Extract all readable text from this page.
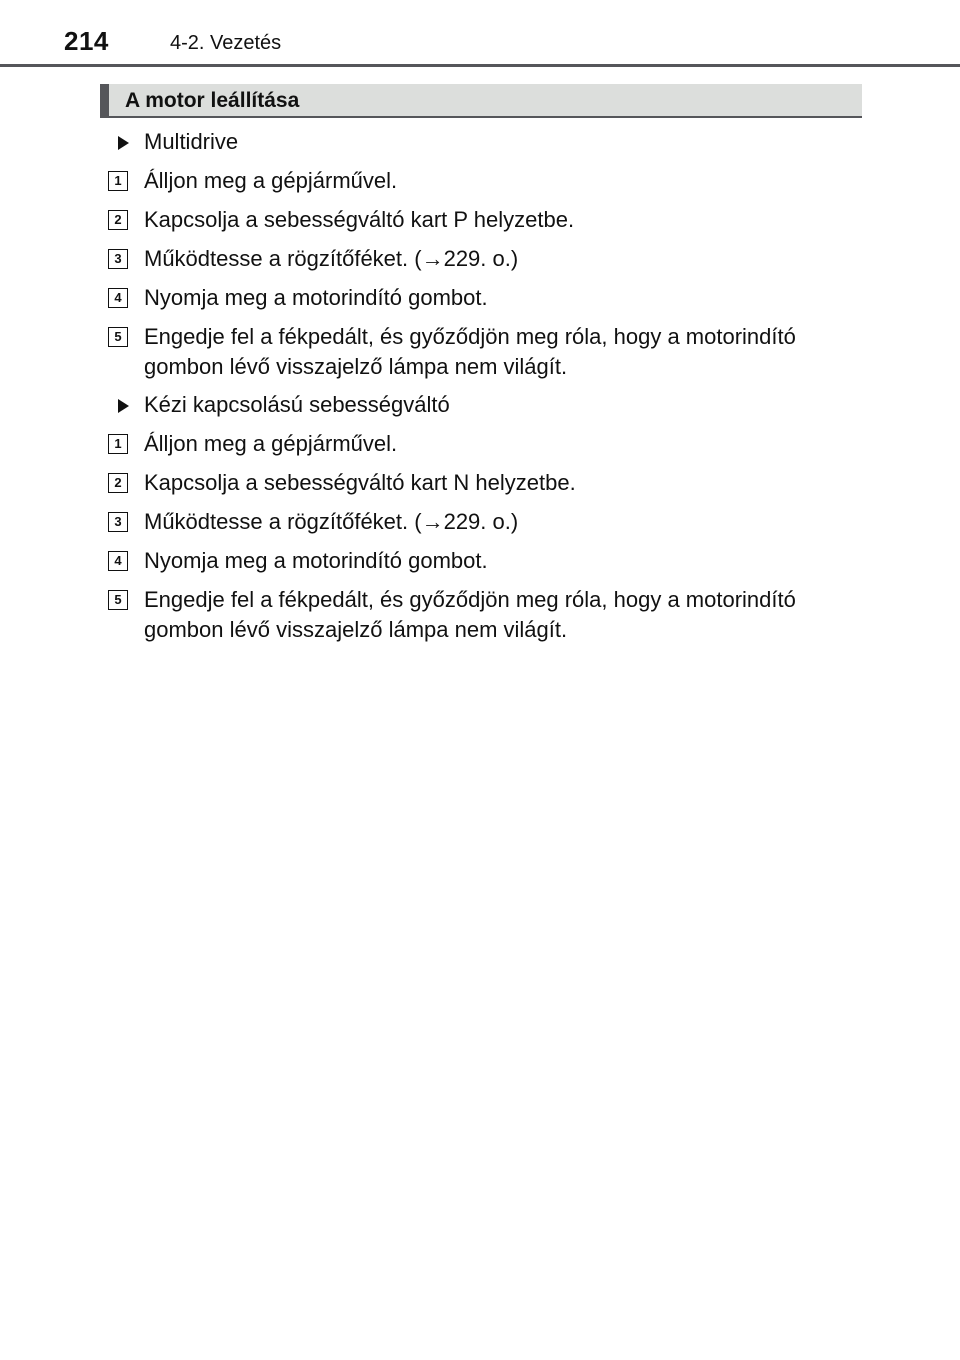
214	4-2. Vezetés
A motor leállítása
Multidrive
1 Álljon meg a gépjárművel.
2 Kapcsolja a sebességváltó kart P helyzetbe.
3 Működtesse a rögzítőféket. (→229. o.)
4 Nyomja meg a motorindító gombot.
5 Engedje fel a fékpedált, és győződjön meg róla, hogy a motorindító gombon lévő visszajelző lámpa nem világít.
Kézi kapcsolású sebességváltó
1 Álljon meg a gépjárművel.
2 Kapcsolja a sebességváltó kart N helyzetbe.
3 Működtesse a rögzítőféket. (→229. o.)
4 Nyomja meg a motorindító gombot.
5 Engedje fel a fékpedált, és győződjön meg róla, hogy a motorindító gombon lévő visszajelző lámpa nem világít.
